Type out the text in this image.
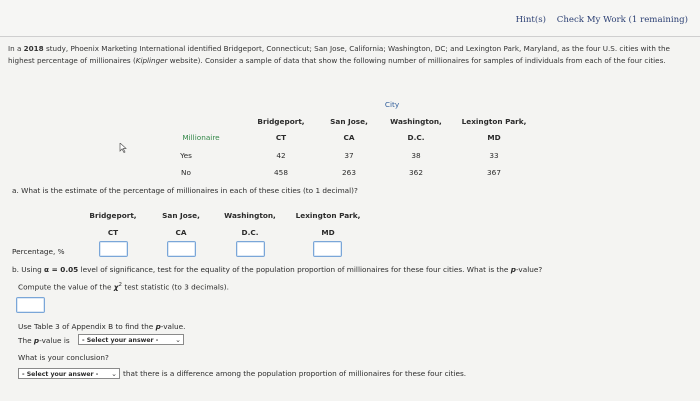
Hint(s) Check My Work (1 remaining)
In a 2018 study, Phoenix Marketing International identified Bridgeport, Connecticut; San Jose, California; Washington, DC; and Lexington Park, Maryland, as the four U.S. cities with the highest percentage of millionaires (Kiplinger website). Consider a sample of data that show the following number of millionaires for samples of individuals from each of the four cities.
City
Bridgeport,	San Jose,	Washington,	Lexington Park,
Millionaire	CT	CA	D.C.	MD
Yes	42	37	38	33
No	458	263	362	367
a. What is the estimate of the percentage of millionaires in each of these cities (to 1 decimal)?
Bridgeport,	San Jose,	Washington,	Lexington Park,
CT	CA	D.C.	MD
Percentage, %
b. Using α = 0.05 level of significance, test for the equality of the population proportion of millionaires for these four cities. What is the p-value?
Compute the value of the $\chi^2$ test statistic (to 3 decimals).
Use Table 3 of Appendix B to find the p-value.
The p-value is	- Select your answer - ⌄
What is your conclusion?
- Select your answer - ⌄ that there is a difference among the population proportion of millionaires for these four cities.
